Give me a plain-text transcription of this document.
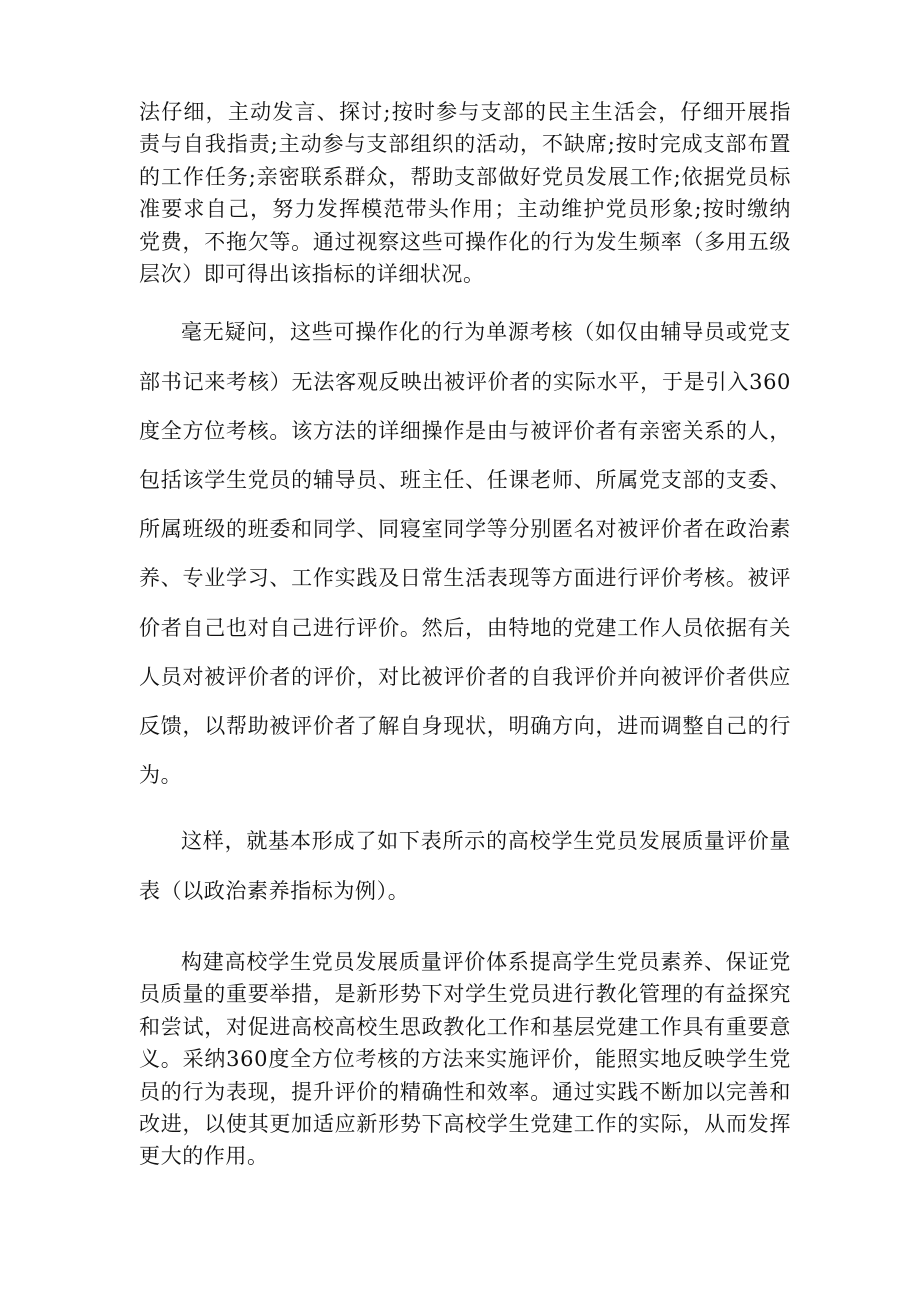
法仔细，主动发言、探讨;按时参与支部的民主生活会，仔细开展指责与自我指责;主动参与支部组织的活动，不缺席;按时完成支部布置的工作任务;亲密联系群众，帮助支部做好党员发展工作;依据党员标准要求自己，努力发挥模范带头作用；主动维护党员形象;按时缴纳党费，不拖欠等。通过视察这些可操作化的行为发生频率（多用五级层次）即可得出该指标的详细状况。

毫无疑问，这些可操作化的行为单源考核（如仅由辅导员或党支部书记来考核）无法客观反映出被评价者的实际水平，于是引入360度全方位考核。该方法的详细操作是由与被评价者有亲密关系的人，包括该学生党员的辅导员、班主任、任课老师、所属党支部的支委、所属班级的班委和同学、同寝室同学等分别匿名对被评价者在政治素养、专业学习、工作实践及日常生活表现等方面进行评价考核。被评价者自己也对自己进行评价。然后，由特地的党建工作人员依据有关人员对被评价者的评价，对比被评价者的自我评价并向被评价者供应反馈，以帮助被评价者了解自身现状，明确方向，进而调整自己的行为。

这样，就基本形成了如下表所示的高校学生党员发展质量评价量表（以政治素养指标为例）。

构建高校学生党员发展质量评价体系提高学生党员素养、保证党员质量的重要举措，是新形势下对学生党员进行教化管理的有益探究和尝试，对促进高校高校生思政教化工作和基层党建工作具有重要意义。采纳360度全方位考核的方法来实施评价，能照实地反映学生党员的行为表现，提升评价的精确性和效率。通过实践不断加以完善和改进，以使其更加适应新形势下高校学生党建工作的实际，从而发挥更大的作用。
